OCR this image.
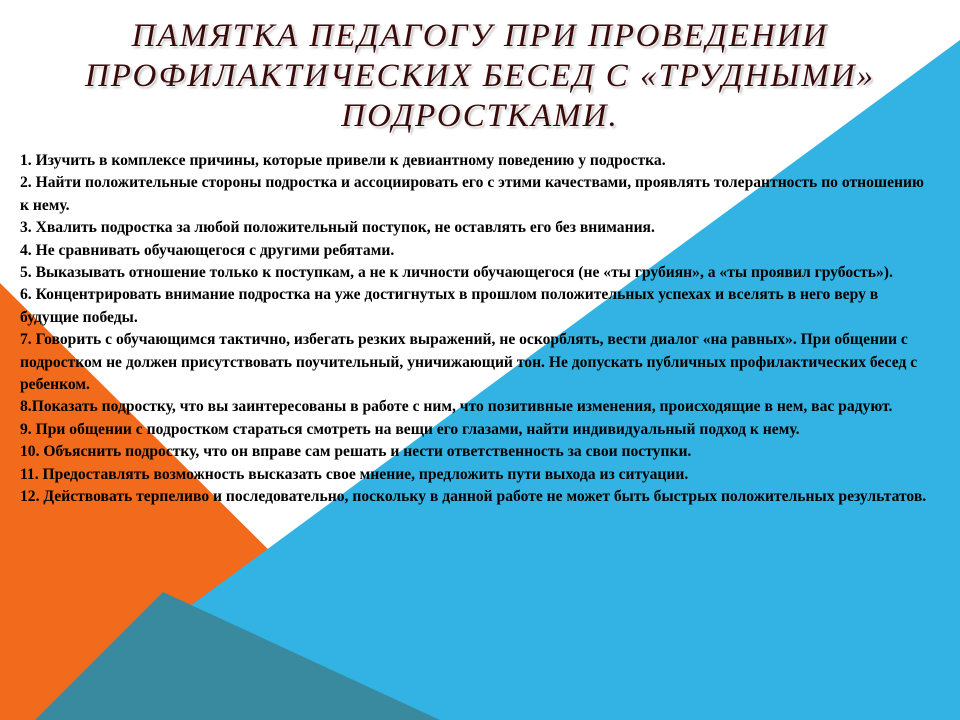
ПАМЯТКА ПЕДАГОГУ ПРИ ПРОВЕДЕНИИ
ПРОФИЛАКТИЧЕСКИХ БЕСЕД С «ТРУДНЫМИ»
ПОДРОСТКАМИ.

1. Изучить в комплексе причины, которые привели к девиантному поведению у подростка.

2. Найти положительные стороны подростка и ассоциировать его с этими качествами, проявлять толерантность по отношению к нему.

3. Хвалить подростка за любой положительный поступок, не оставлять его без внимания.

4. Не сравнивать обучающегося с другими ребятами.

5. Выказывать отношение только к поступкам, а не к личности обучающегося (не «ты грубиян», а «ты проявил грубость»).

6. Концентрировать внимание подростка на уже достигнутых в прошлом положительных успехах и вселять в него веру в будущие победы.

7. Говорить с обучающимся тактично, избегать резких выражений, не оскорблять, вести диалог «на равных». При общении с подростком не должен присутствовать поучительный, уничижающий тон. Не допускать публичных профилактических бесед с ребенком.

8.Показать подростку, что вы заинтересованы в работе с ним, что позитивные изменения, происходящие в нем, вас радуют.

9. При общении с подростком стараться смотреть на вещи его глазами, найти индивидуальный подход к нему.

10. Объяснить подростку, что он вправе сам решать и нести ответственность за свои поступки.

11. Предоставлять возможность высказать свое мнение, предложить пути выхода из ситуации.

12. Действовать терпеливо и последовательно, поскольку в данной работе не может быть быстрых положительных результатов.
